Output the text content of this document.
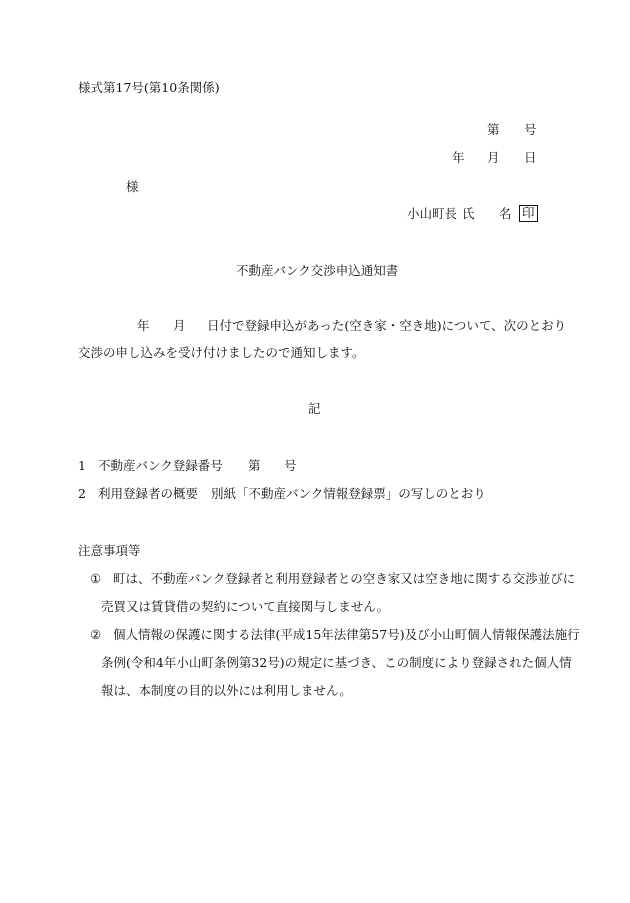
様式第17号(第10条関係)
第 号
年 月 日
様
小山町長 氏 名 印
不動産バンク交渉申込通知書
年 月 日付で登録申込があった(空き家・空き地)について、次のとおり
交渉の申し込みを受け付けましたので通知します。
記
1 不動産バンク登録番号 第 号
2 利用登録者の概要 別紙「不動産バンク情報登録票」の写しのとおり
注意事項等
① 町は、不動産バンク登録者と利用登録者との空き家又は空き地に関する交渉並びに
売買又は賃貸借の契約について直接関与しません。
② 個人情報の保護に関する法律(平成15年法律第57号)及び小山町個人情報保護法施行
条例(令和4年小山町条例第32号)の規定に基づき、この制度により登録された個人情
報は、本制度の目的以外には利用しません。
